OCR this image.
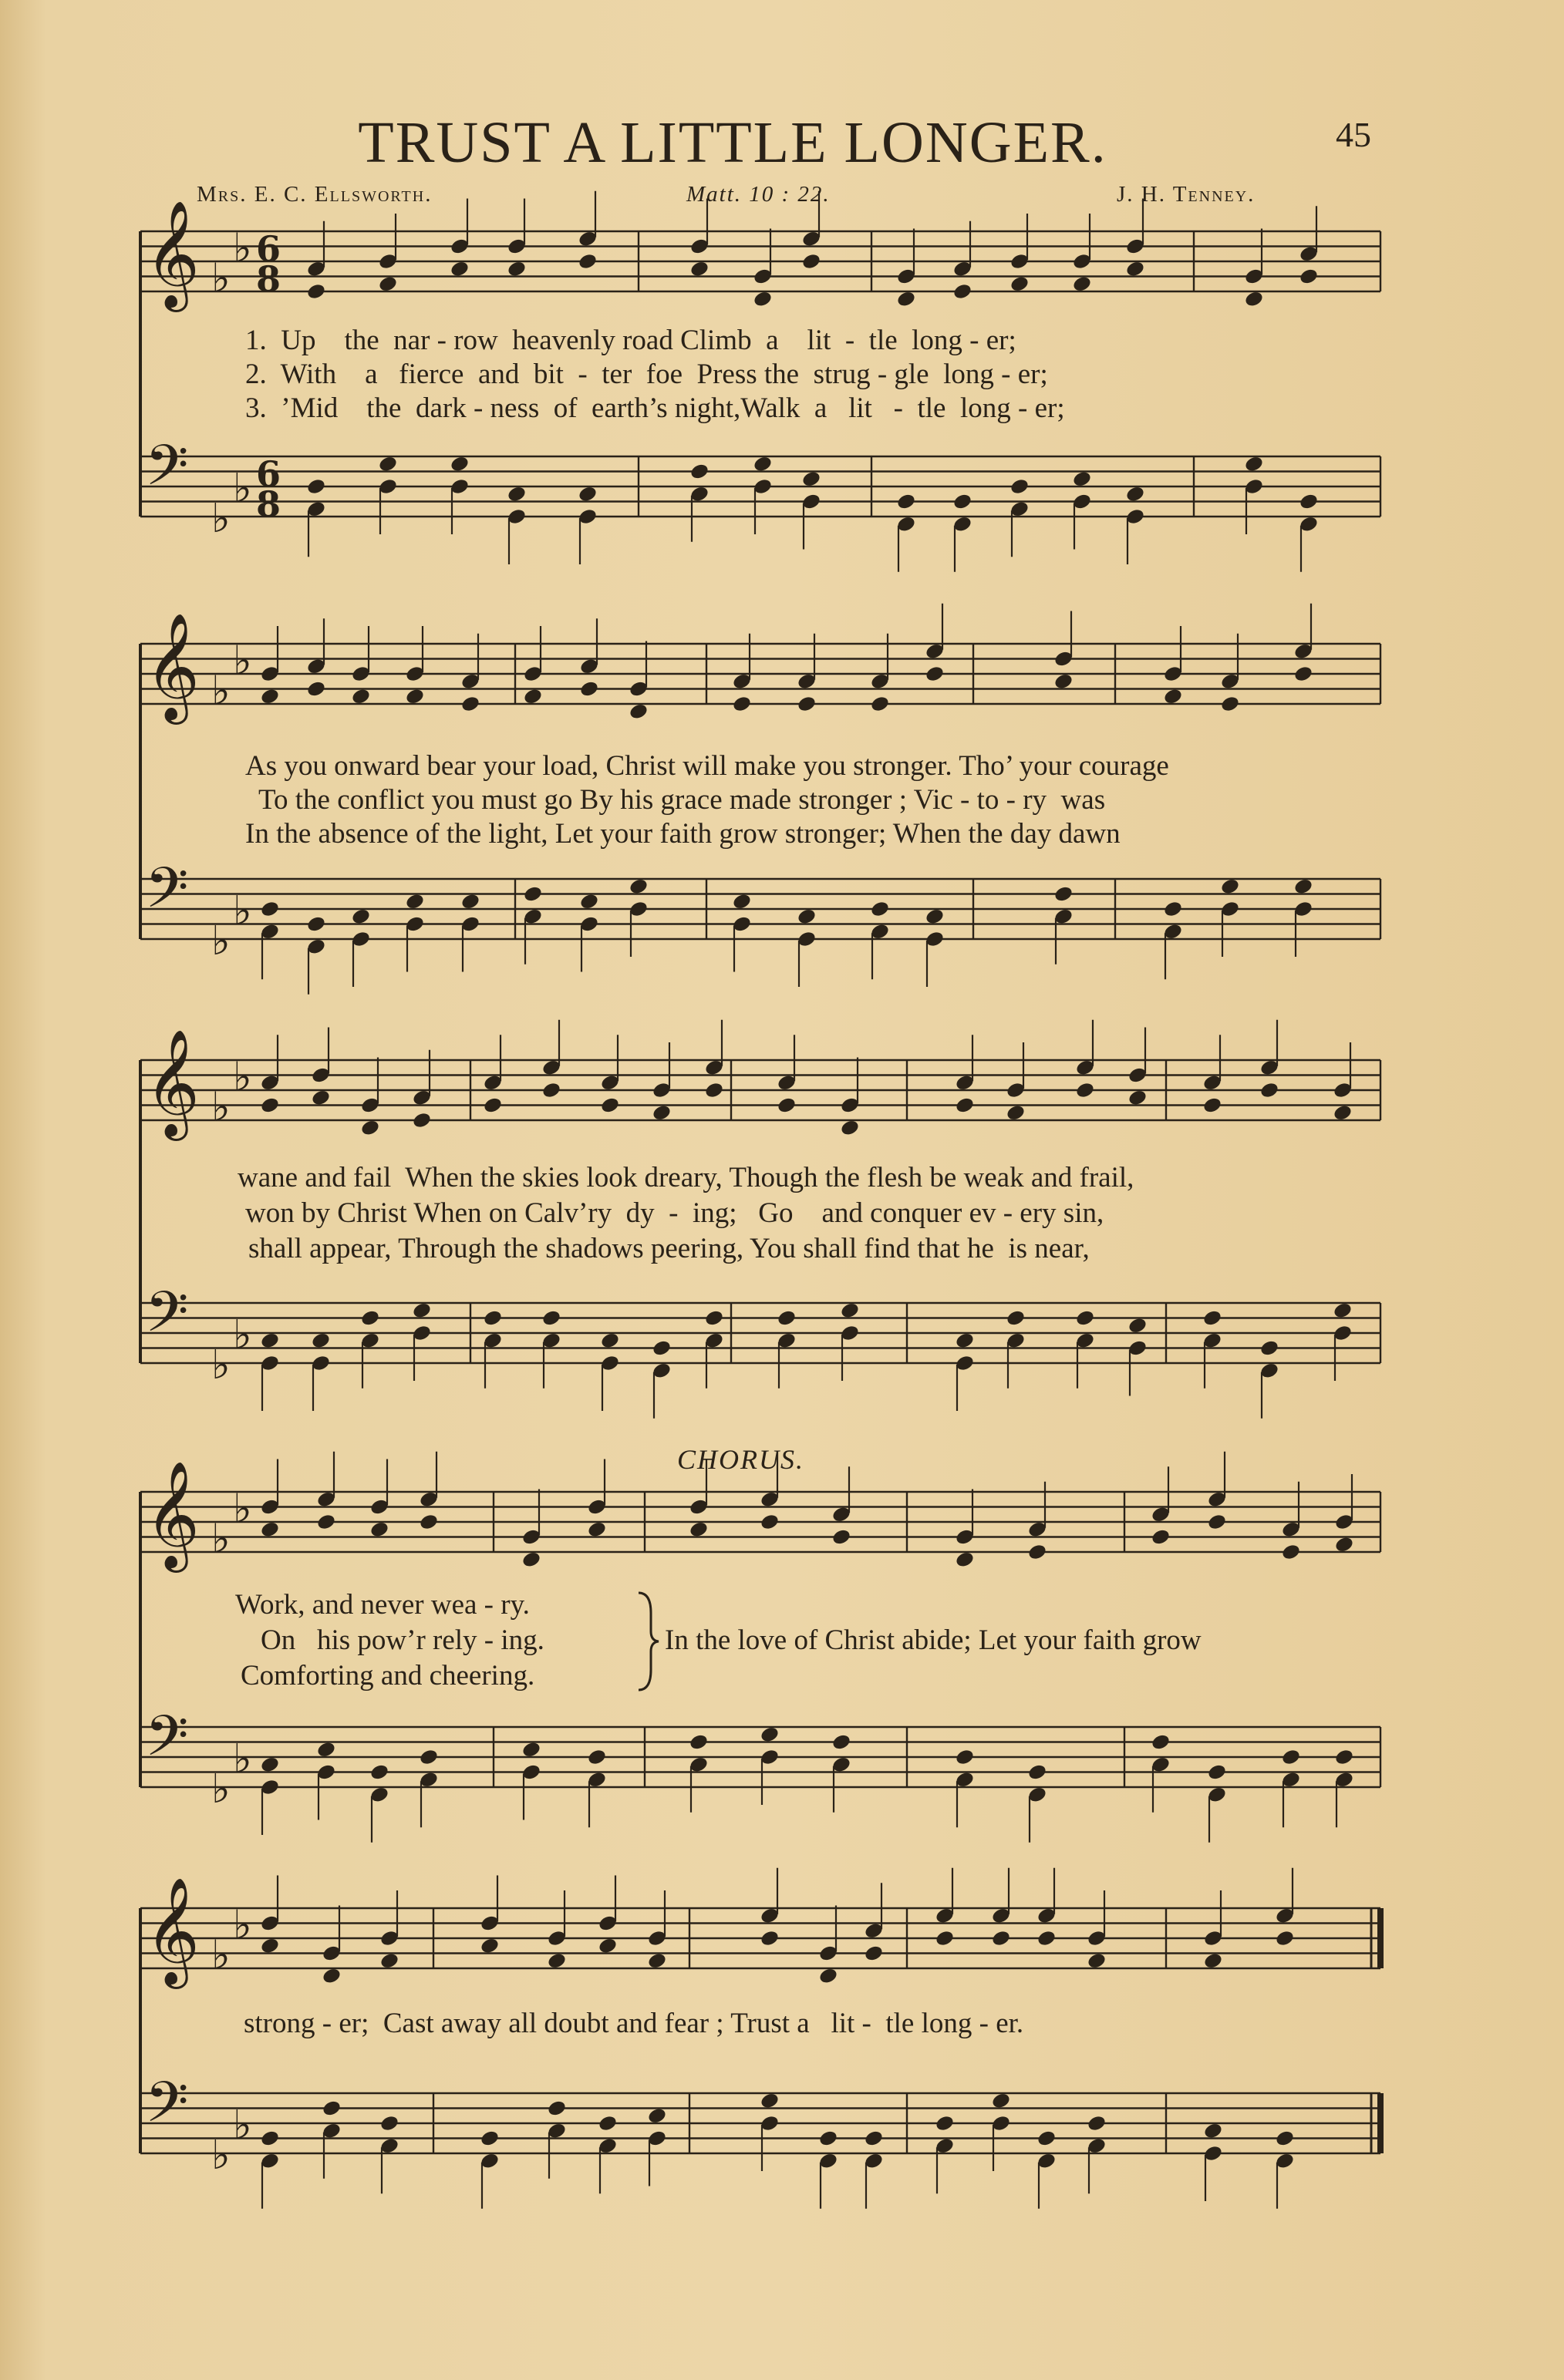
TRUST A LITTLE LONGER.	45
Mrs. E. C. Ellsworth.	Matt. 10 : 22.	J. H. Tenney.
𝄞 ♭
♭ 6
8
𝄢
♭
♭ 6
8
𝄞 ♭
♭
𝄢
♭
♭
𝄞 ♭
♭
𝄢
♭
♭
𝄞 ♭
♭
𝄢
♭
♭
𝄞 ♭
♭
𝄢
♭
♭
1.  Up    the  nar - row  heavenly road Climb  a    lit  -  tle  long - er;
2.  With    a   fierce  and  bit  -  ter  foe  Press the  strug - gle  long - er;
3.  ’Mid    the  dark - ness  of  earth’s night,Walk  a   lit   -  tle  long - er;
As you onward bear your load, Christ will make you stronger. Tho’ your courage
To the conflict you must go By his grace made stronger ; Vic - to - ry  was
In the absence of the light, Let your faith grow stronger; When the day dawn
wane and fail  When the skies look dreary, Though the flesh be weak and frail,
won by Christ When on Calv’ry  dy  -  ing;   Go    and conquer ev - ery sin,
shall appear, Through the shadows peering, You shall find that he  is near,
CHORUS.
Work, and never wea - ry.
On   his pow’r rely - ing.
Comforting and cheering.
In the love of Christ abide; Let your faith grow
strong - er;  Cast away all doubt and fear ; Trust a   lit -  tle long - er.
